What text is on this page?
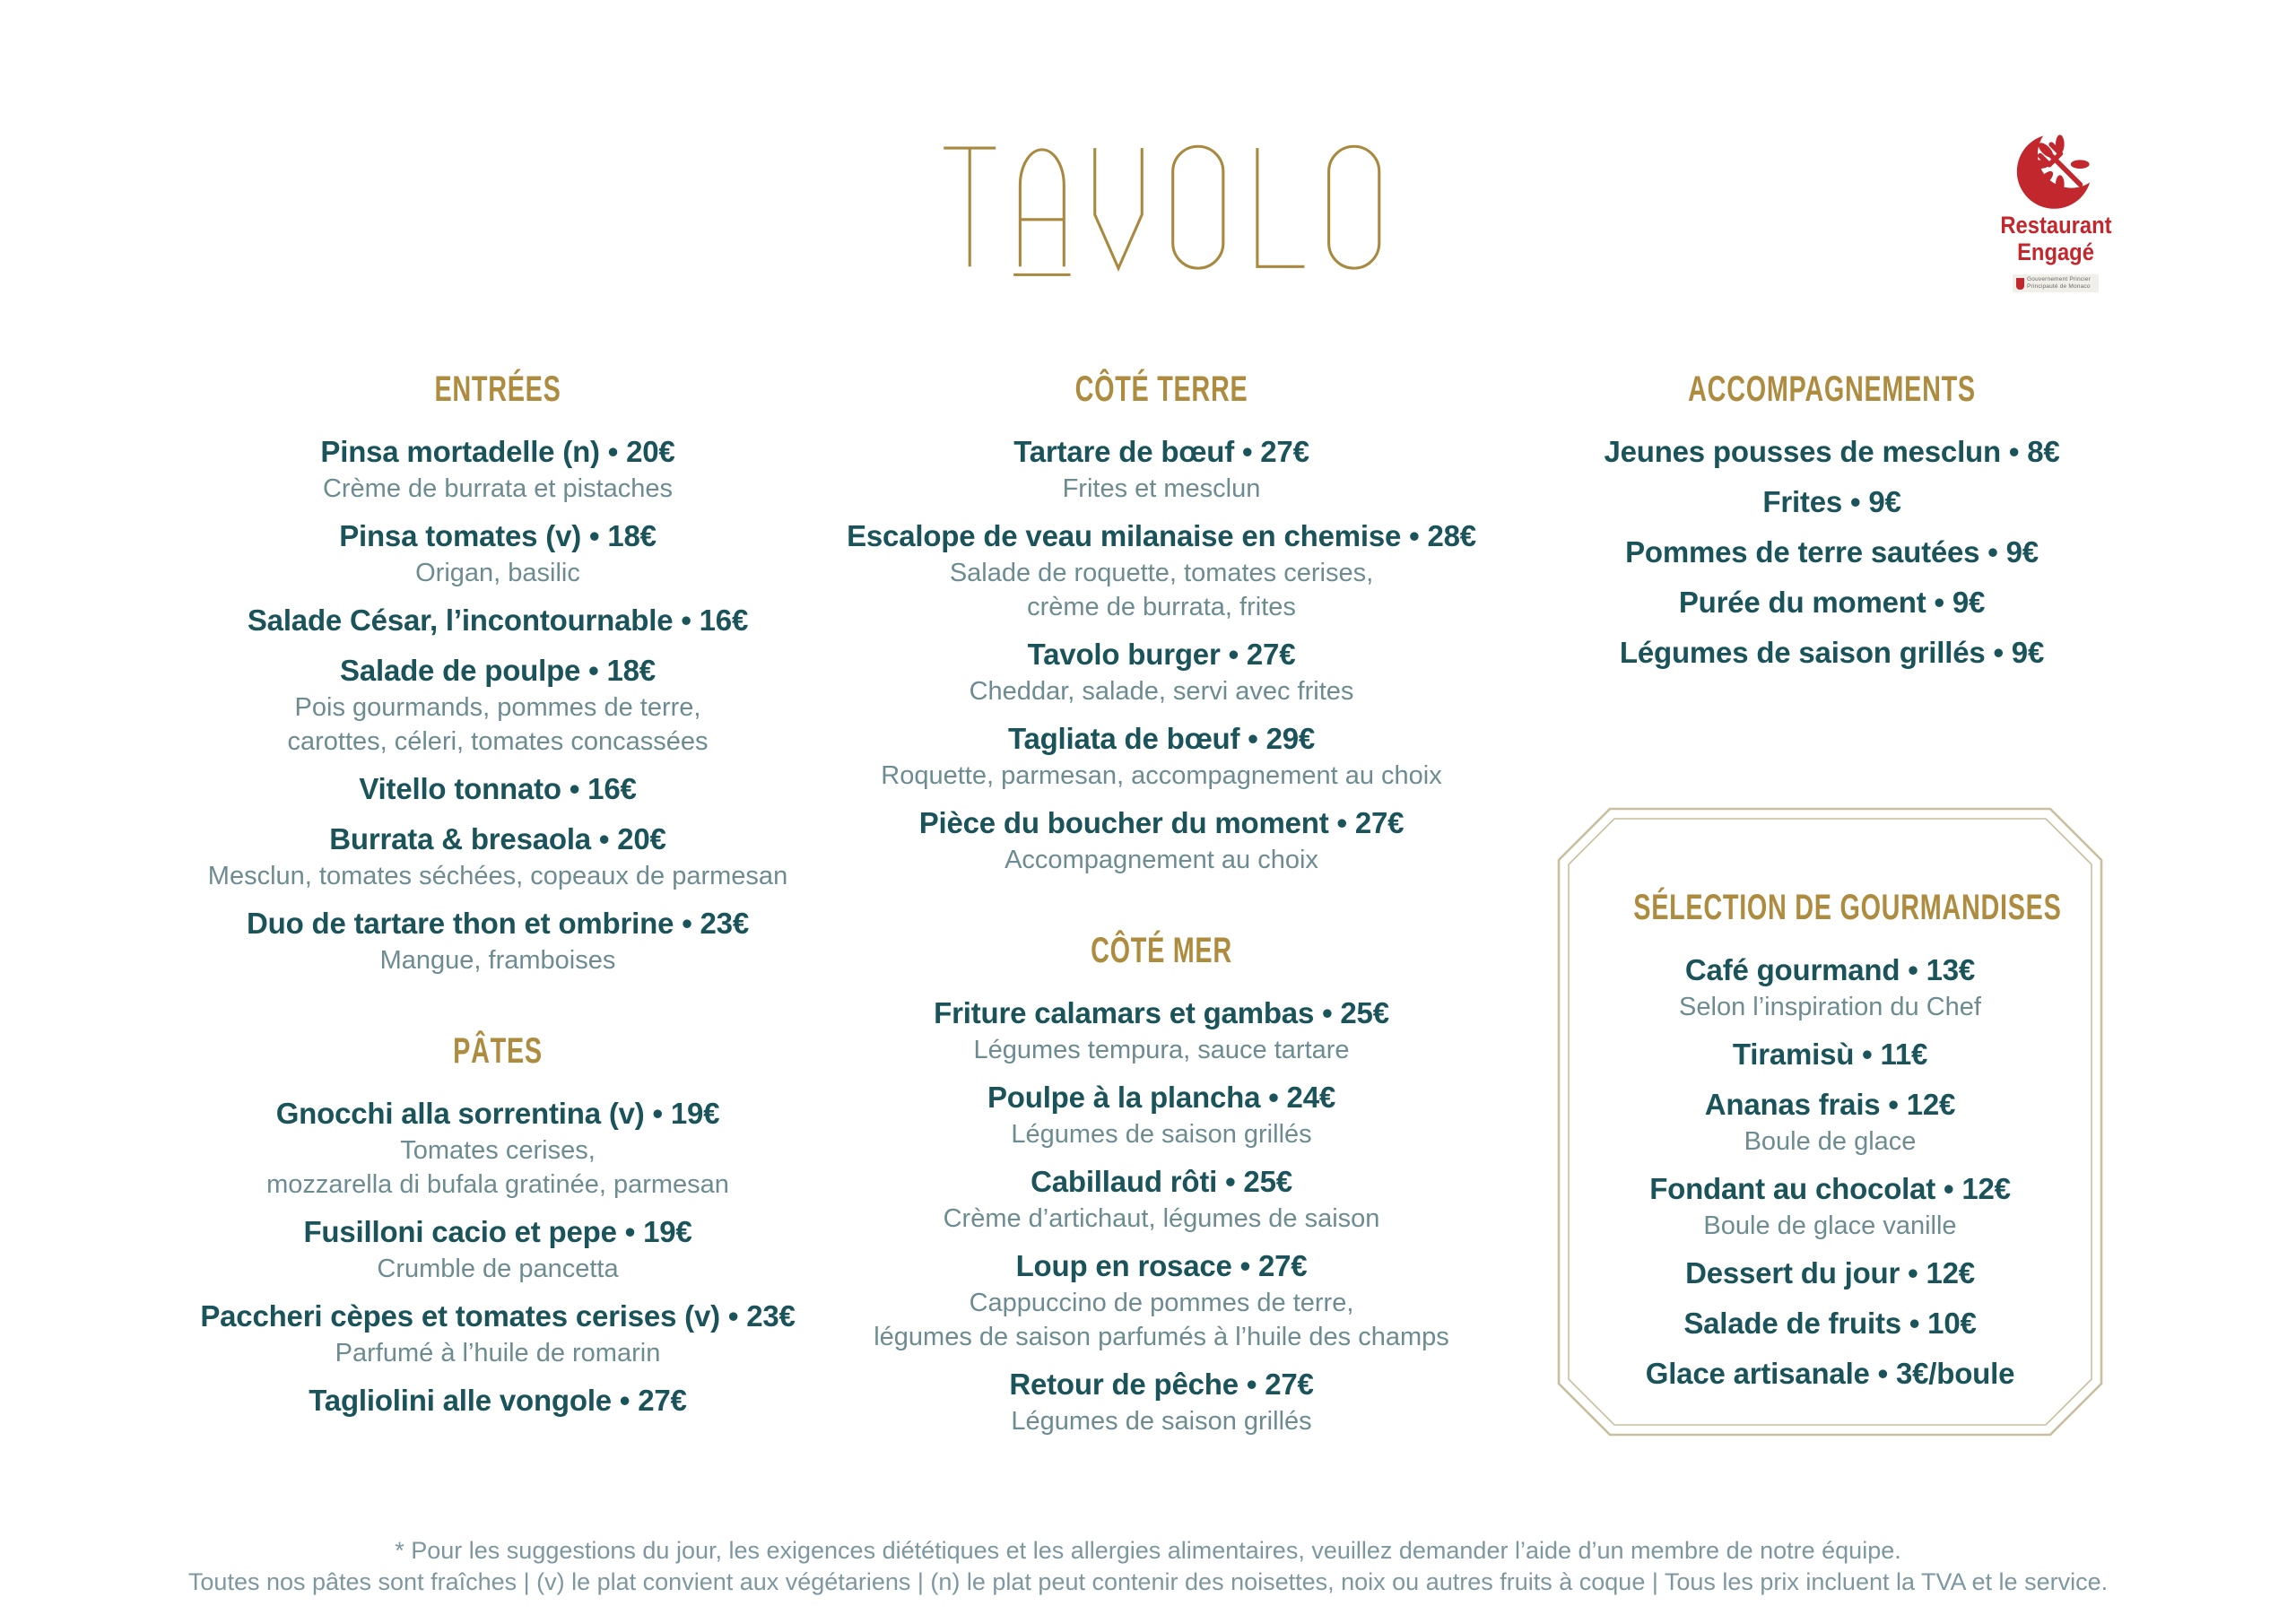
Restaurant
Engagé
Gouvernement Princier
Principauté de Monaco
ENTRÉES
Pinsa mortadelle (n) • 20€
Crème de burrata et pistaches
Pinsa tomates (v) • 18€
Origan, basilic
Salade César, l’incontournable • 16€
Salade de poulpe • 18€
Pois gourmands, pommes de terre,
carottes, céleri, tomates concassées
Vitello tonnato • 16€
Burrata & bresaola • 20€
Mesclun, tomates séchées, copeaux de parmesan
Duo de tartare thon et ombrine • 23€
Mangue, framboises
PÂTES
Gnocchi alla sorrentina (v) • 19€
Tomates cerises,
mozzarella di bufala gratinée, parmesan
Fusilloni cacio et pepe • 19€
Crumble de pancetta
Paccheri cèpes et tomates cerises (v) • 23€
Parfumé à l’huile de romarin
Tagliolini alle vongole • 27€
CÔTÉ TERRE
Tartare de bœuf • 27€
Frites et mesclun
Escalope de veau milanaise en chemise • 28€
Salade de roquette, tomates cerises,
crème de burrata, frites
Tavolo burger • 27€
Cheddar, salade, servi avec frites
Tagliata de bœuf • 29€
Roquette, parmesan, accompagnement au choix
Pièce du boucher du moment • 27€
Accompagnement au choix
CÔTÉ MER
Friture calamars et gambas • 25€
Légumes tempura, sauce tartare
Poulpe à la plancha • 24€
Légumes de saison grillés
Cabillaud rôti • 25€
Crème d’artichaut, légumes de saison
Loup en rosace • 27€
Cappuccino de pommes de terre,
légumes de saison parfumés à l’huile des champs
Retour de pêche • 27€
Légumes de saison grillés
ACCOMPAGNEMENTS
Jeunes pousses de mesclun • 8€
Frites • 9€
Pommes de terre sautées • 9€
Purée du moment • 9€
Légumes de saison grillés • 9€
SÉLECTION DE GOURMANDISES
Café gourmand • 13€
Selon l’inspiration du Chef
Tiramisù • 11€
Ananas frais • 12€
Boule de glace
Fondant au chocolat • 12€
Boule de glace vanille
Dessert du jour • 12€
Salade de fruits • 10€
Glace artisanale • 3€/boule
* Pour les suggestions du jour, les exigences diététiques et les allergies alimentaires, veuillez demander l’aide d’un membre de notre équipe.
Toutes nos pâtes sont fraîches | (v) le plat convient aux végétariens | (n) le plat peut contenir des noisettes, noix ou autres fruits à coque | Tous les prix incluent la TVA et le service.
